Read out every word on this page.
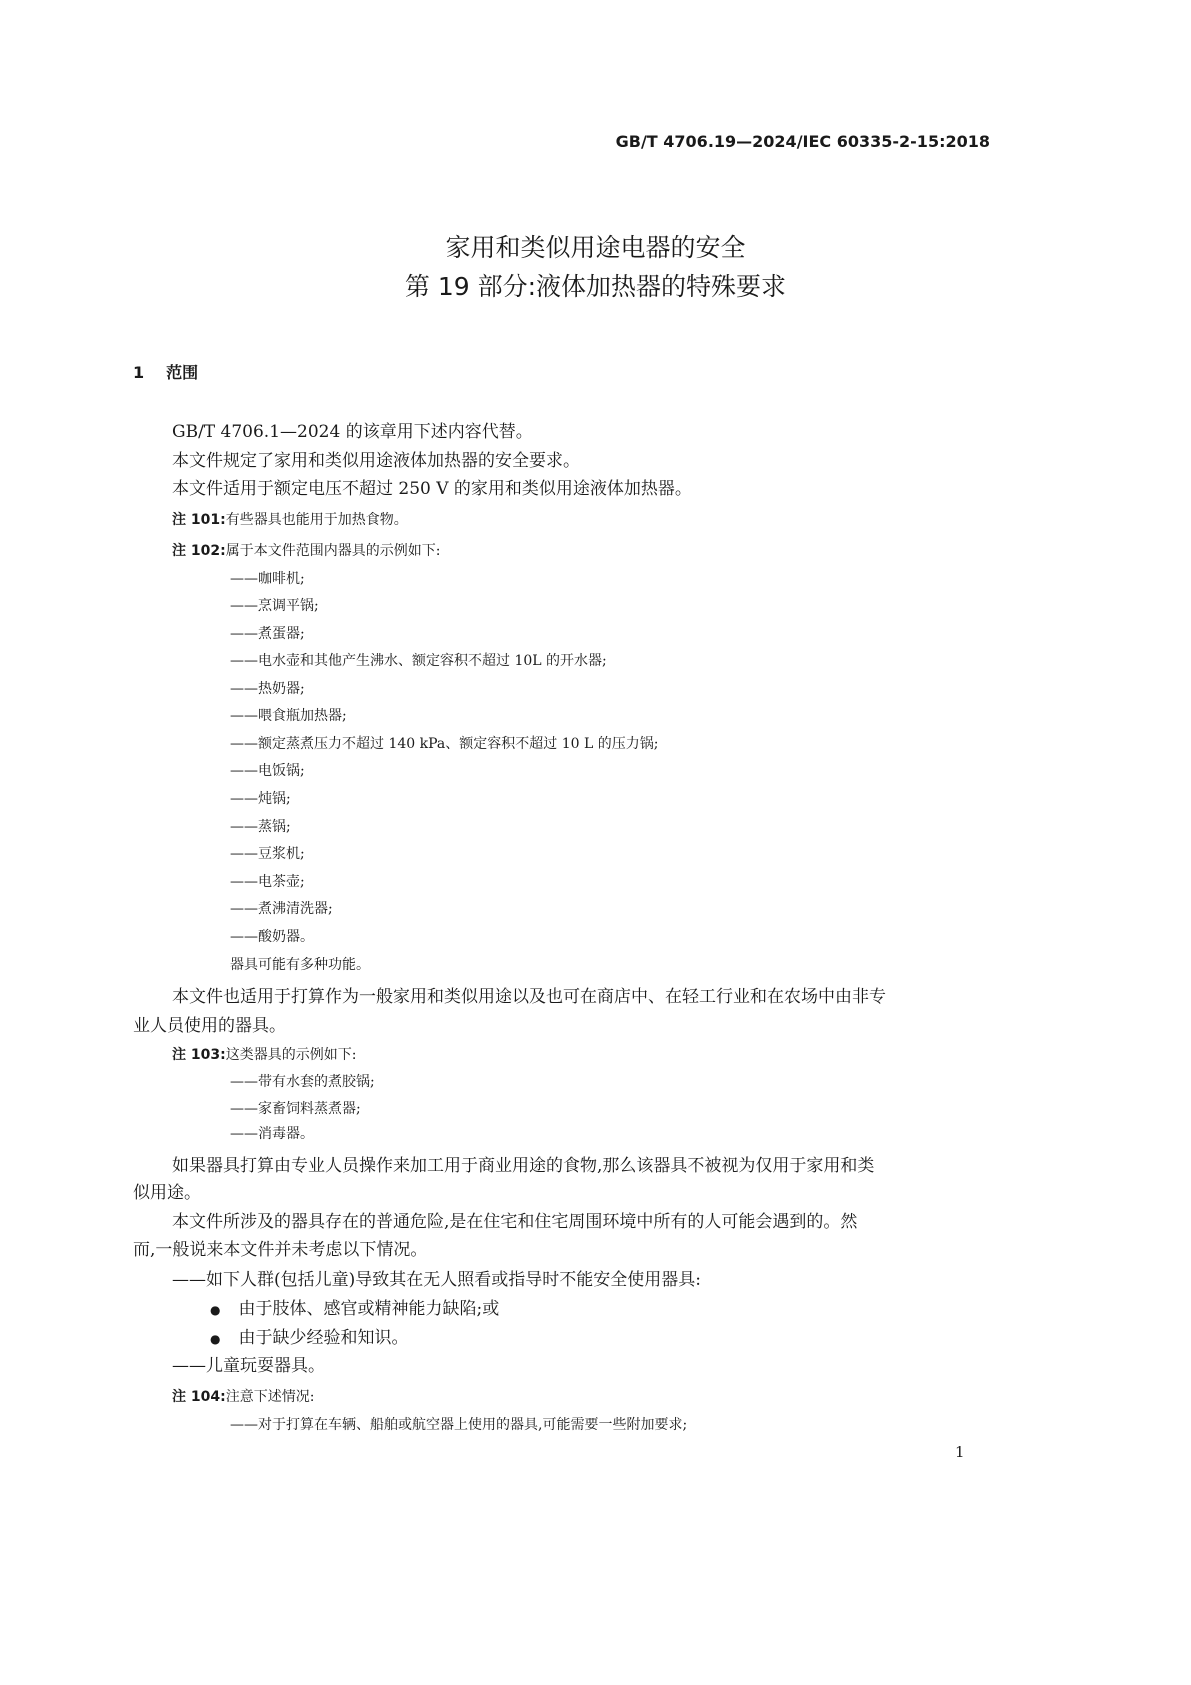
GB/T 4706.19—2024/IEC 60335-2-15:2018
家用和类似用途电器的安全
第 19 部分:液体加热器的特殊要求
1 范围
GB/T 4706.1—2024 的该章用下述内容代替。
本文件规定了家用和类似用途液体加热器的安全要求。
本文件适用于额定电压不超过 250 V 的家用和类似用途液体加热器。
注 101:有些器具也能用于加热食物。
注 102:属于本文件范围内器具的示例如下:
——咖啡机;
——烹调平锅;
——煮蛋器;
——电水壶和其他产生沸水、额定容积不超过 10L 的开水器;
——热奶器;
——喂食瓶加热器;
——额定蒸煮压力不超过 140 kPa、额定容积不超过 10 L 的压力锅;
——电饭锅;
——炖锅;
——蒸锅;
——豆浆机;
——电茶壶;
——煮沸清洗器;
——酸奶器。
器具可能有多种功能。
本文件也适用于打算作为一般家用和类似用途以及也可在商店中、在轻工行业和在农场中由非专
业人员使用的器具。
注 103:这类器具的示例如下:
——带有水套的煮胶锅;
——家畜饲料蒸煮器;
——消毒器。
如果器具打算由专业人员操作来加工用于商业用途的食物,那么该器具不被视为仅用于家用和类
似用途。
本文件所涉及的器具存在的普通危险,是在住宅和住宅周围环境中所有的人可能会遇到的。然
而,一般说来本文件并未考虑以下情况。
——如下人群(包括儿童)导致其在无人照看或指导时不能安全使用器具:
● 由于肢体、感官或精神能力缺陷;或
● 由于缺少经验和知识。
——儿童玩耍器具。
注 104:注意下述情况:
——对于打算在车辆、船舶或航空器上使用的器具,可能需要一些附加要求;
1
